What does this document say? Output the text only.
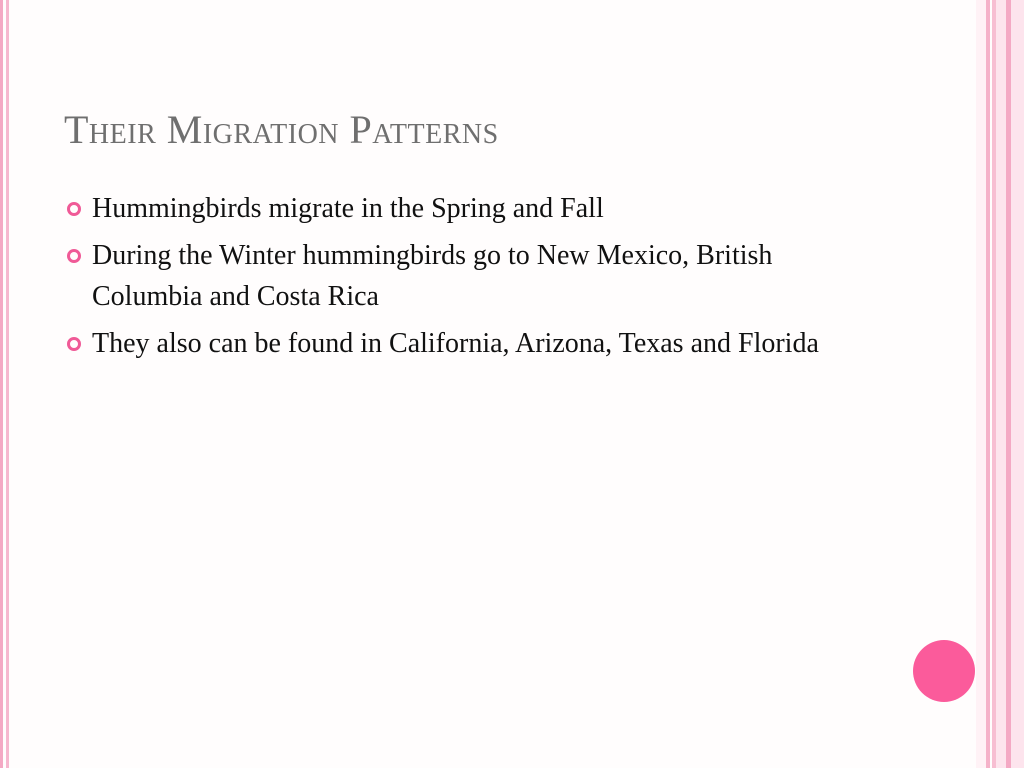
Their Migration Patterns
Hummingbirds migrate in the Spring and Fall
During the Winter hummingbirds go to New Mexico, British Columbia and Costa Rica
They also can be found in California, Arizona, Texas and Florida
